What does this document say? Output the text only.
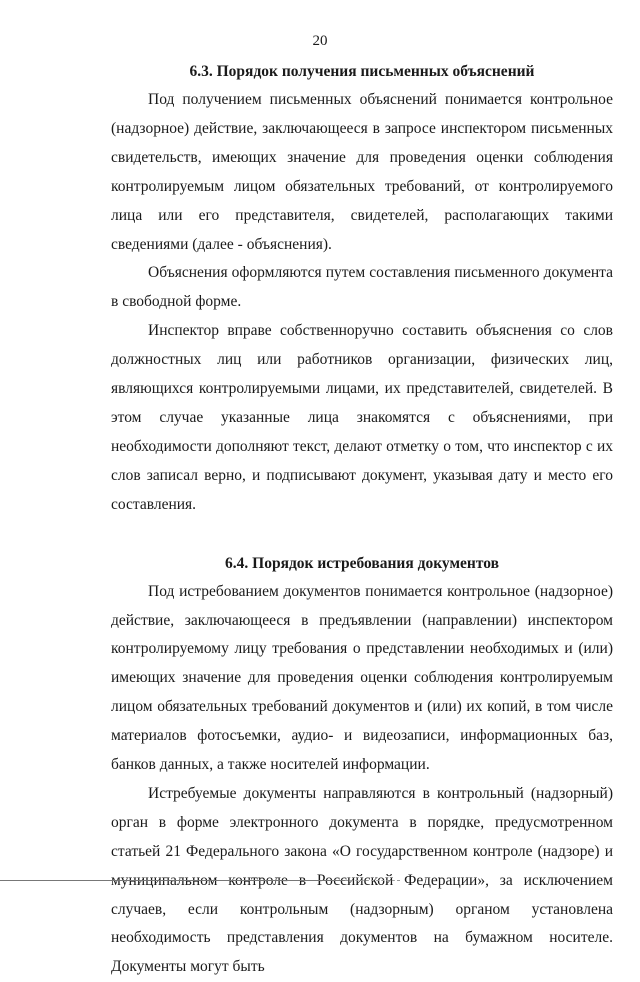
20
6.3. Порядок получения письменных объяснений

Под получением письменных объяснений понимается контрольное (надзорное) действие, заключающееся в запросе инспектором письменных свидетельств, имеющих значение для проведения оценки соблюдения контролируемым лицом обязательных требований, от контролируемого лица или его представителя, свидетелей, располагающих такими сведениями (далее - объяснения).

Объяснения оформляются путем составления письменного документа в свободной форме.

Инспектор вправе собственноручно составить объяснения со слов должностных лиц или работников организации, физических лиц, являющихся контролируемыми лицами, их представителей, свидетелей. В этом случае указанные лица знакомятся с объяснениями, при необходимости дополняют текст, делают отметку о том, что инспектор с их слов записал верно, и подписывают документ, указывая дату и место его составления.

6.4. Порядок истребования документов

Под истребованием документов понимается контрольное (надзорное) действие, заключающееся в предъявлении (направлении) инспектором контролируемому лицу требования о представлении необходимых и (или) имеющих значение для проведения оценки соблюдения контролируемым лицом обязательных требований документов и (или) их копий, в том числе материалов фотосъемки, аудио- и видеозаписи, информационных баз, банков данных, а также носителей информации.

Истребуемые документы направляются в контрольный (надзорный) орган в форме электронного документа в порядке, предусмотренном статьей 21 Федерального закона «О государственном контроле (надзоре) и муниципальном контроле в Российской Федерации», за исключением случаев, если контрольным (надзорным) органом установлена необходимость представления документов на бумажном носителе. Документы могут быть
